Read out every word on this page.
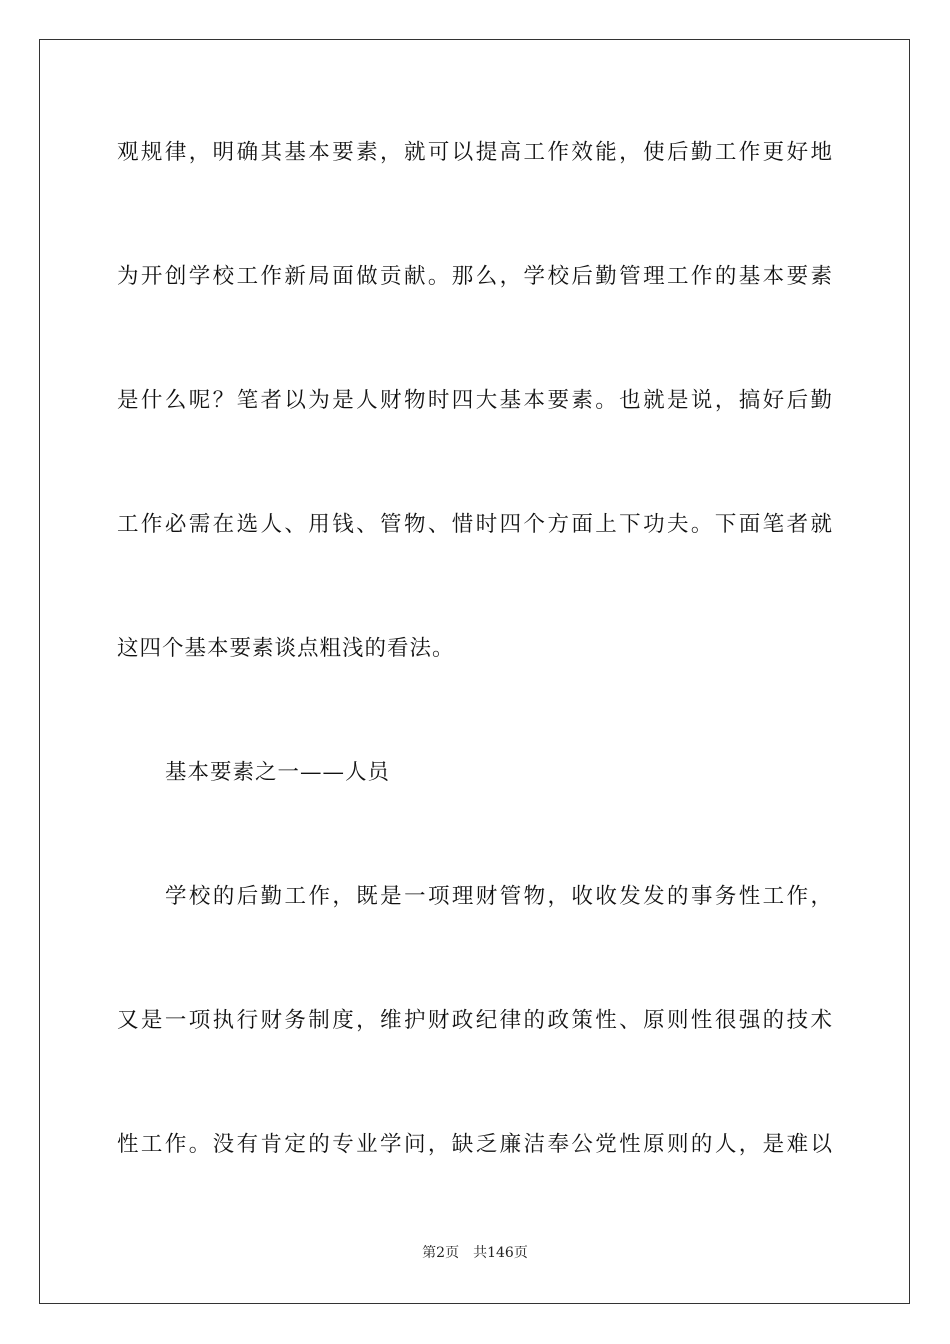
观规律，明确其基本要素，就可以提高工作效能，使后勤工作更好地
为开创学校工作新局面做贡献。那么，学校后勤管理工作的基本要素
是什么呢？笔者以为是人财物时四大基本要素。也就是说，搞好后勤
工作必需在选人、用钱、管物、惜时四个方面上下功夫。下面笔者就
这四个基本要素谈点粗浅的看法。
基本要素之一——人员
学校的后勤工作，既是一项理财管物，收收发发的事务性工作，
又是一项执行财务制度，维护财政纪律的政策性、原则性很强的技术
性工作。没有肯定的专业学问，缺乏廉洁奉公党性原则的人，是难以
第2页 共146页
